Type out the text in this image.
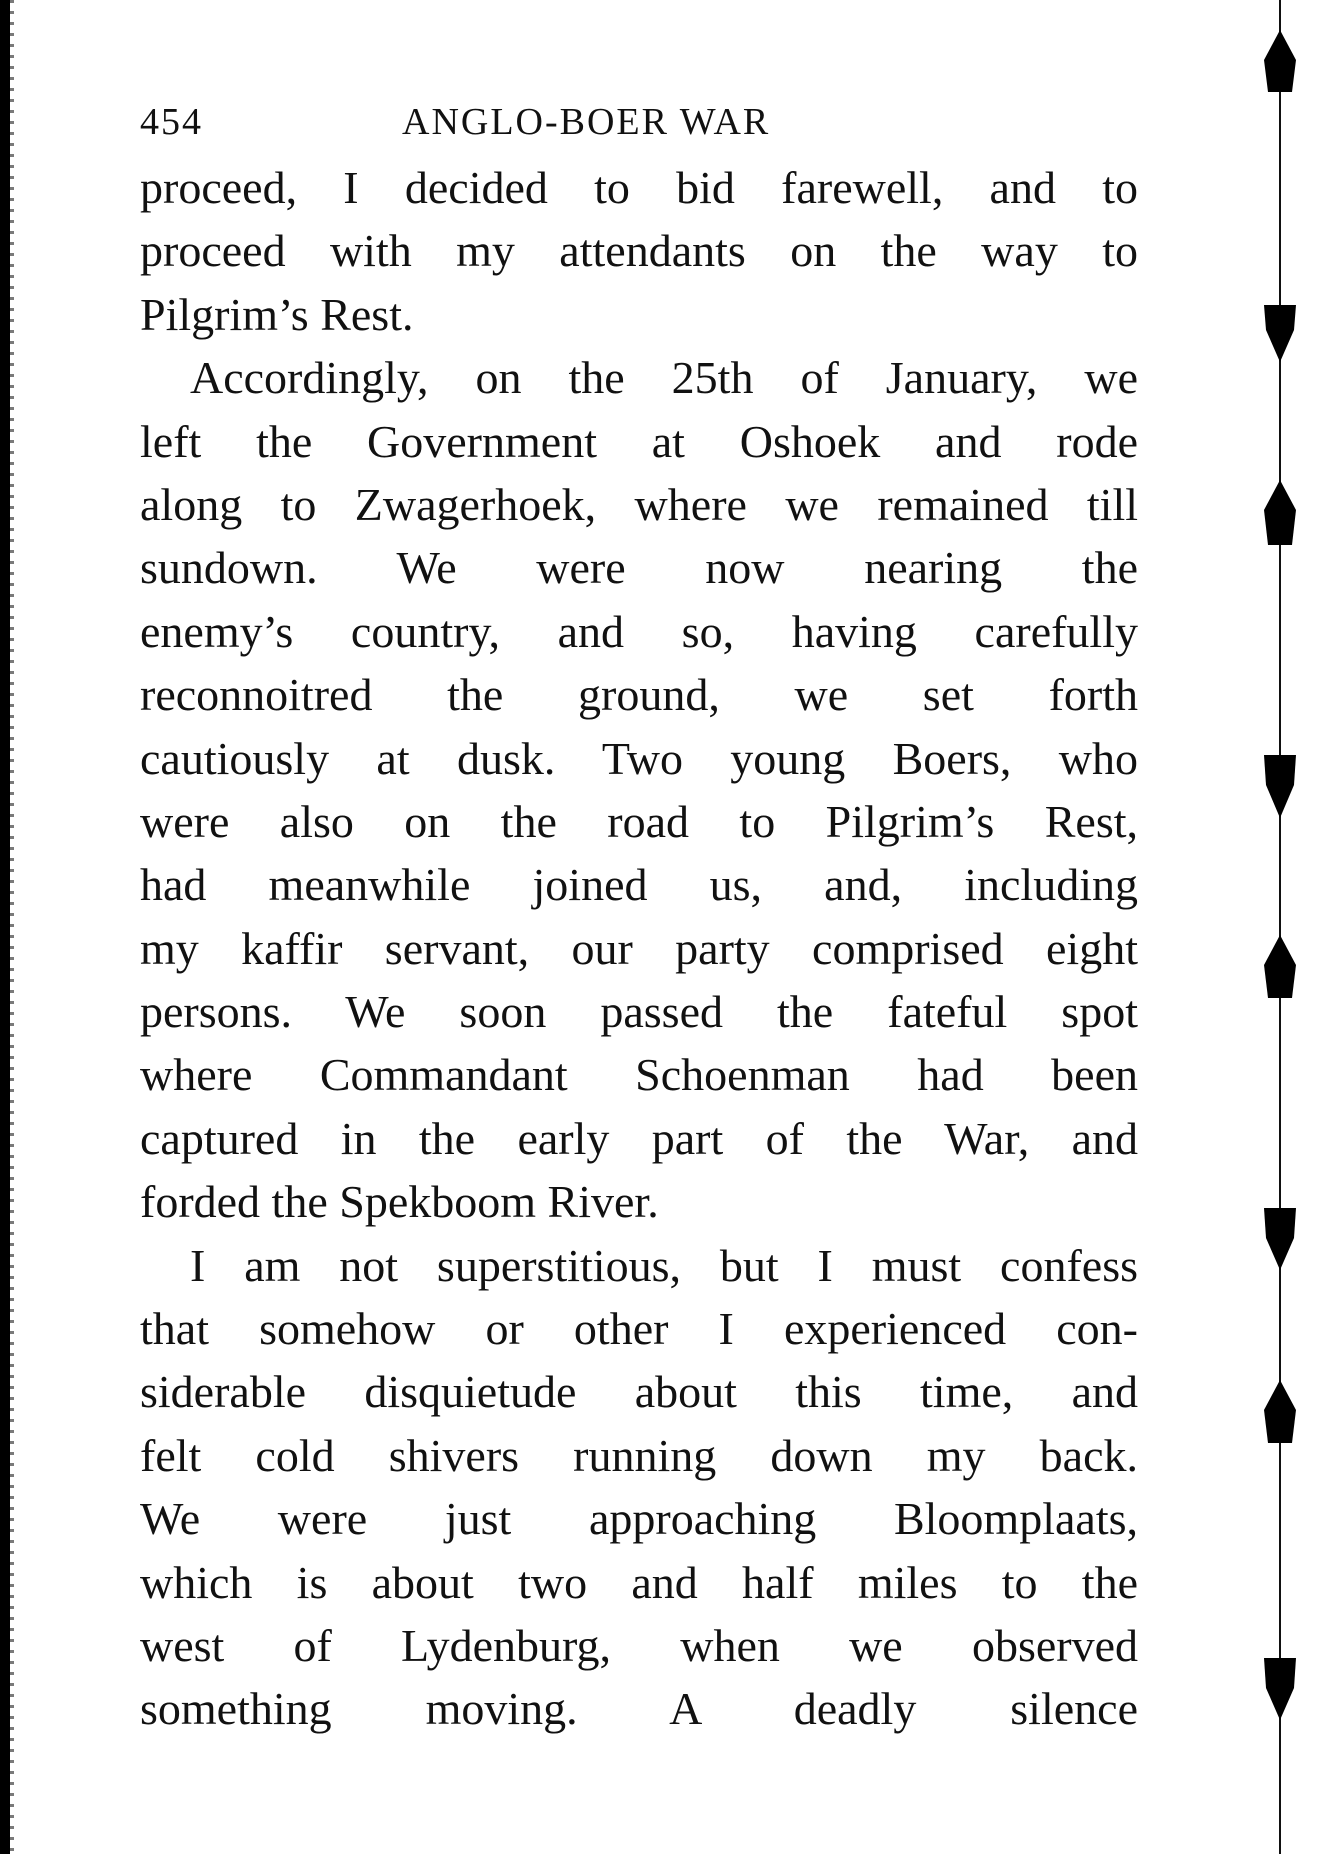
454	ANGLO-BOER WAR
proceed, I decided to bid farewell, and to
proceed with my attendants on the way to
Pilgrim’s Rest.
Accordingly, on the 25th of January, we
left the Government at Oshoek and rode
along to Zwagerhoek, where we remained till
sundown. We were now nearing the
enemy’s country, and so, having carefully
reconnoitred the ground, we set forth
cautiously at dusk. Two young Boers, who
were also on the road to Pilgrim’s Rest,
had meanwhile joined us, and, including
my kaffir servant, our party comprised eight
persons. We soon passed the fateful spot
where Commandant Schoenman had been
captured in the early part of the War, and
forded the Spekboom River.
I am not superstitious, but I must confess
that somehow or other I experienced con-
siderable disquietude about this time, and
felt cold shivers running down my back.
We were just approaching Bloomplaats,
which is about two and half miles to the
west of Lydenburg, when we observed
something moving. A deadly silence
